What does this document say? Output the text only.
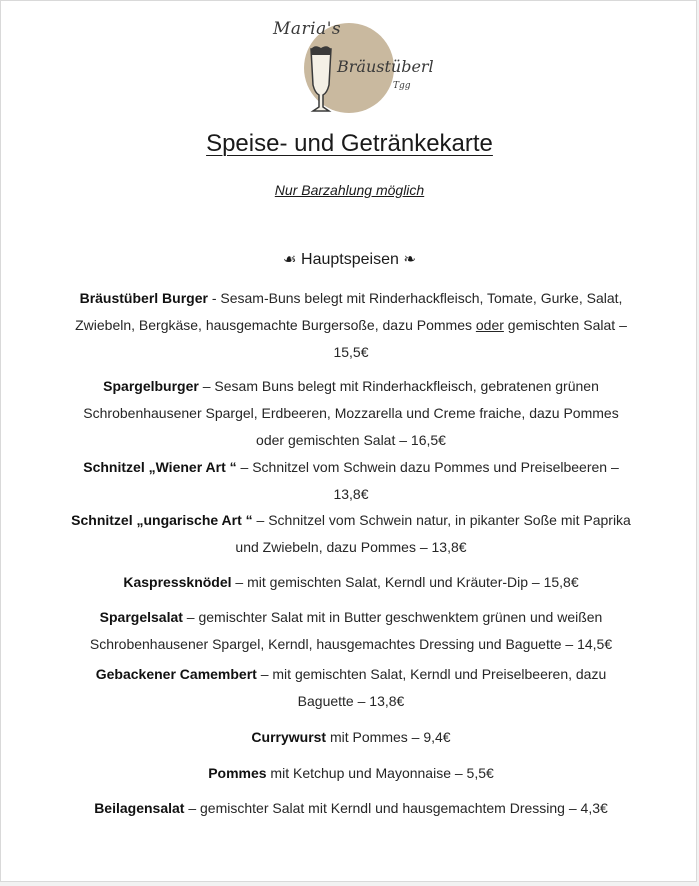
Maria's
Bräustüberl
Tgg
Speise- und Getränkekarte
Nur Barzahlung möglich
☙ Hauptspeisen ❧
Bräustüberl Burger - Sesam-Buns belegt mit Rinderhackfleisch, Tomate, Gurke, Salat, Zwiebeln, Bergkäse, hausgemachte Burgersoße, dazu Pommes oder gemischten Salat – 15,5€
Spargelburger – Sesam Buns belegt mit Rinderhackfleisch, gebratenen grünen Schrobenhausener Spargel, Erdbeeren, Mozzarella und Creme fraiche, dazu Pommes oder gemischten Salat – 16,5€
Schnitzel „Wiener Art “ – Schnitzel vom Schwein dazu Pommes und Preiselbeeren – 13,8€
Schnitzel „ungarische Art “ – Schnitzel vom Schwein natur, in pikanter Soße mit Paprika und Zwiebeln, dazu Pommes – 13,8€
Kaspressknödel – mit gemischten Salat, Kerndl und Kräuter-Dip – 15,8€
Spargelsalat – gemischter Salat mit in Butter geschwenktem grünen und weißen Schrobenhausener Spargel, Kerndl, hausgemachtes Dressing und Baguette – 14,5€
Gebackener Camembert – mit gemischten Salat, Kerndl und Preiselbeeren, dazu Baguette – 13,8€
Currywurst mit Pommes – 9,4€
Pommes mit Ketchup und Mayonnaise – 5,5€
Beilagensalat – gemischter Salat mit Kerndl und hausgemachtem Dressing – 4,3€
